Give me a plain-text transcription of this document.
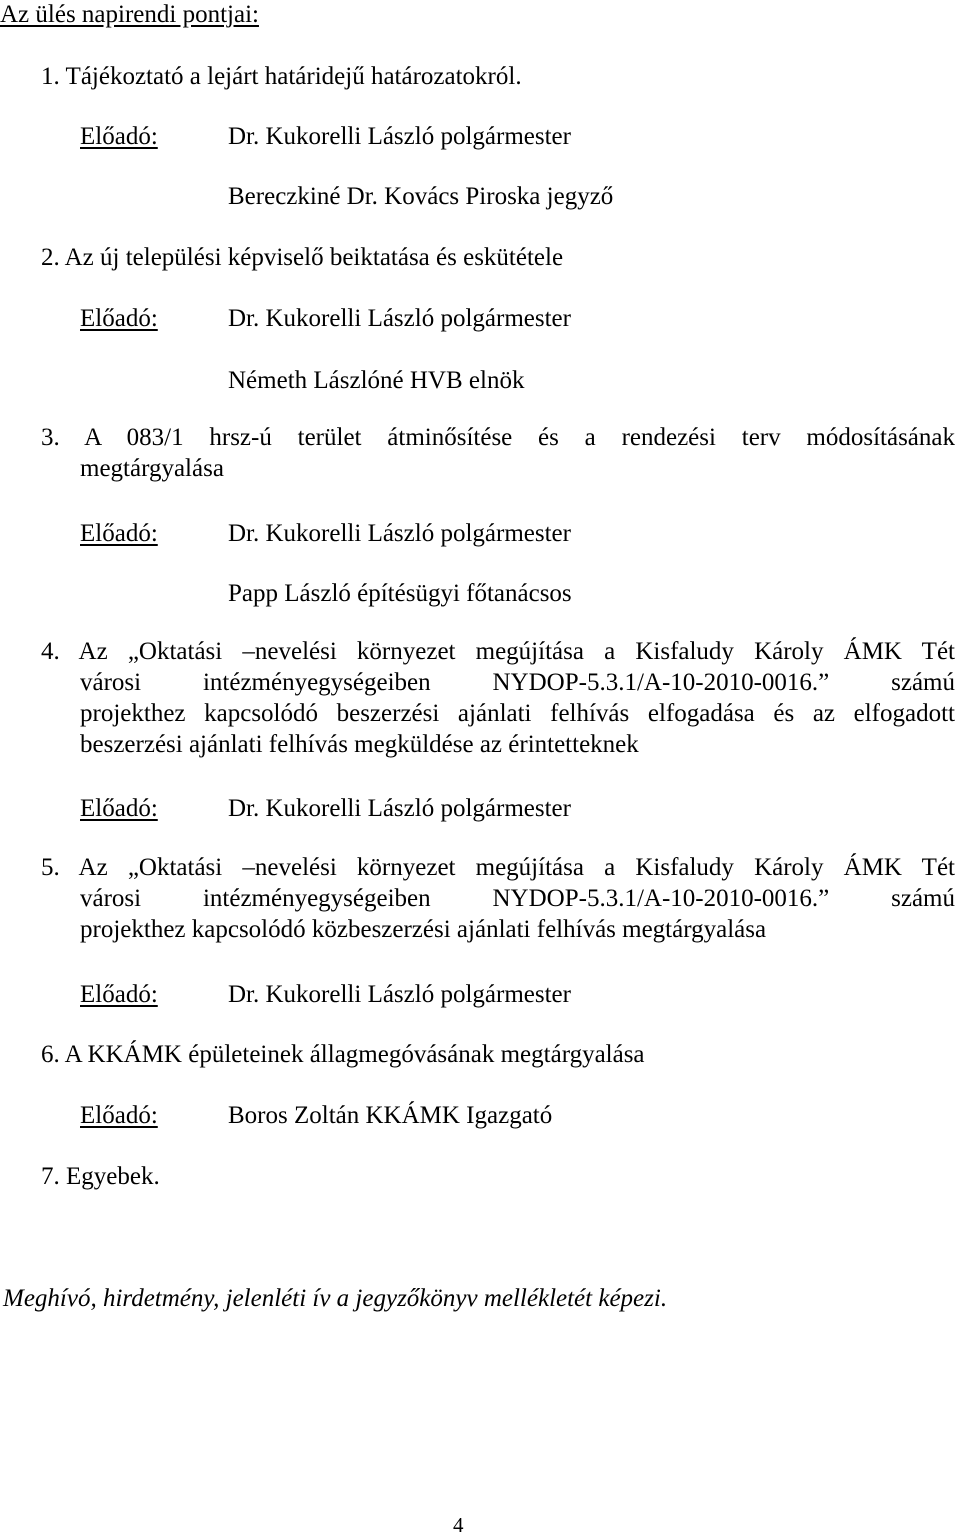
Az ülés napirendi pontjai:
1. Tájékoztató a lejárt határidejű határozatokról.
Előadó:	Dr. Kukorelli László polgármester
Bereczkiné Dr. Kovács Piroska jegyző
2. Az új települési képviselő beiktatása és eskütétele
Előadó:	Dr. Kukorelli László polgármester
Németh Lászlóné HVB elnök
3. A 083/1 hrsz-ú terület átminősítése és a rendezési terv módosításának
megtárgyalása
Előadó:	Dr. Kukorelli László polgármester
Papp László építésügyi főtanácsos
4. Az „Oktatási –nevelési környezet megújítása a Kisfaludy Károly ÁMK Tét
városi intézményegységeiben NYDOP-5.3.1/A-10-2010-0016.” számú
projekthez kapcsolódó beszerzési ajánlati felhívás elfogadása és az elfogadott
beszerzési ajánlati felhívás megküldése az érintetteknek
Előadó:	Dr. Kukorelli László polgármester
5. Az „Oktatási –nevelési környezet megújítása a Kisfaludy Károly ÁMK Tét
városi intézményegységeiben NYDOP-5.3.1/A-10-2010-0016.” számú
projekthez kapcsolódó közbeszerzési ajánlati felhívás megtárgyalása
Előadó:	Dr. Kukorelli László polgármester
6. A KKÁMK épületeinek állagmegóvásának megtárgyalása
Előadó:	Boros Zoltán KKÁMK Igazgató
7. Egyebek.
Meghívó, hirdetmény, jelenléti ív a jegyzőkönyv mellékletét képezi.
4
